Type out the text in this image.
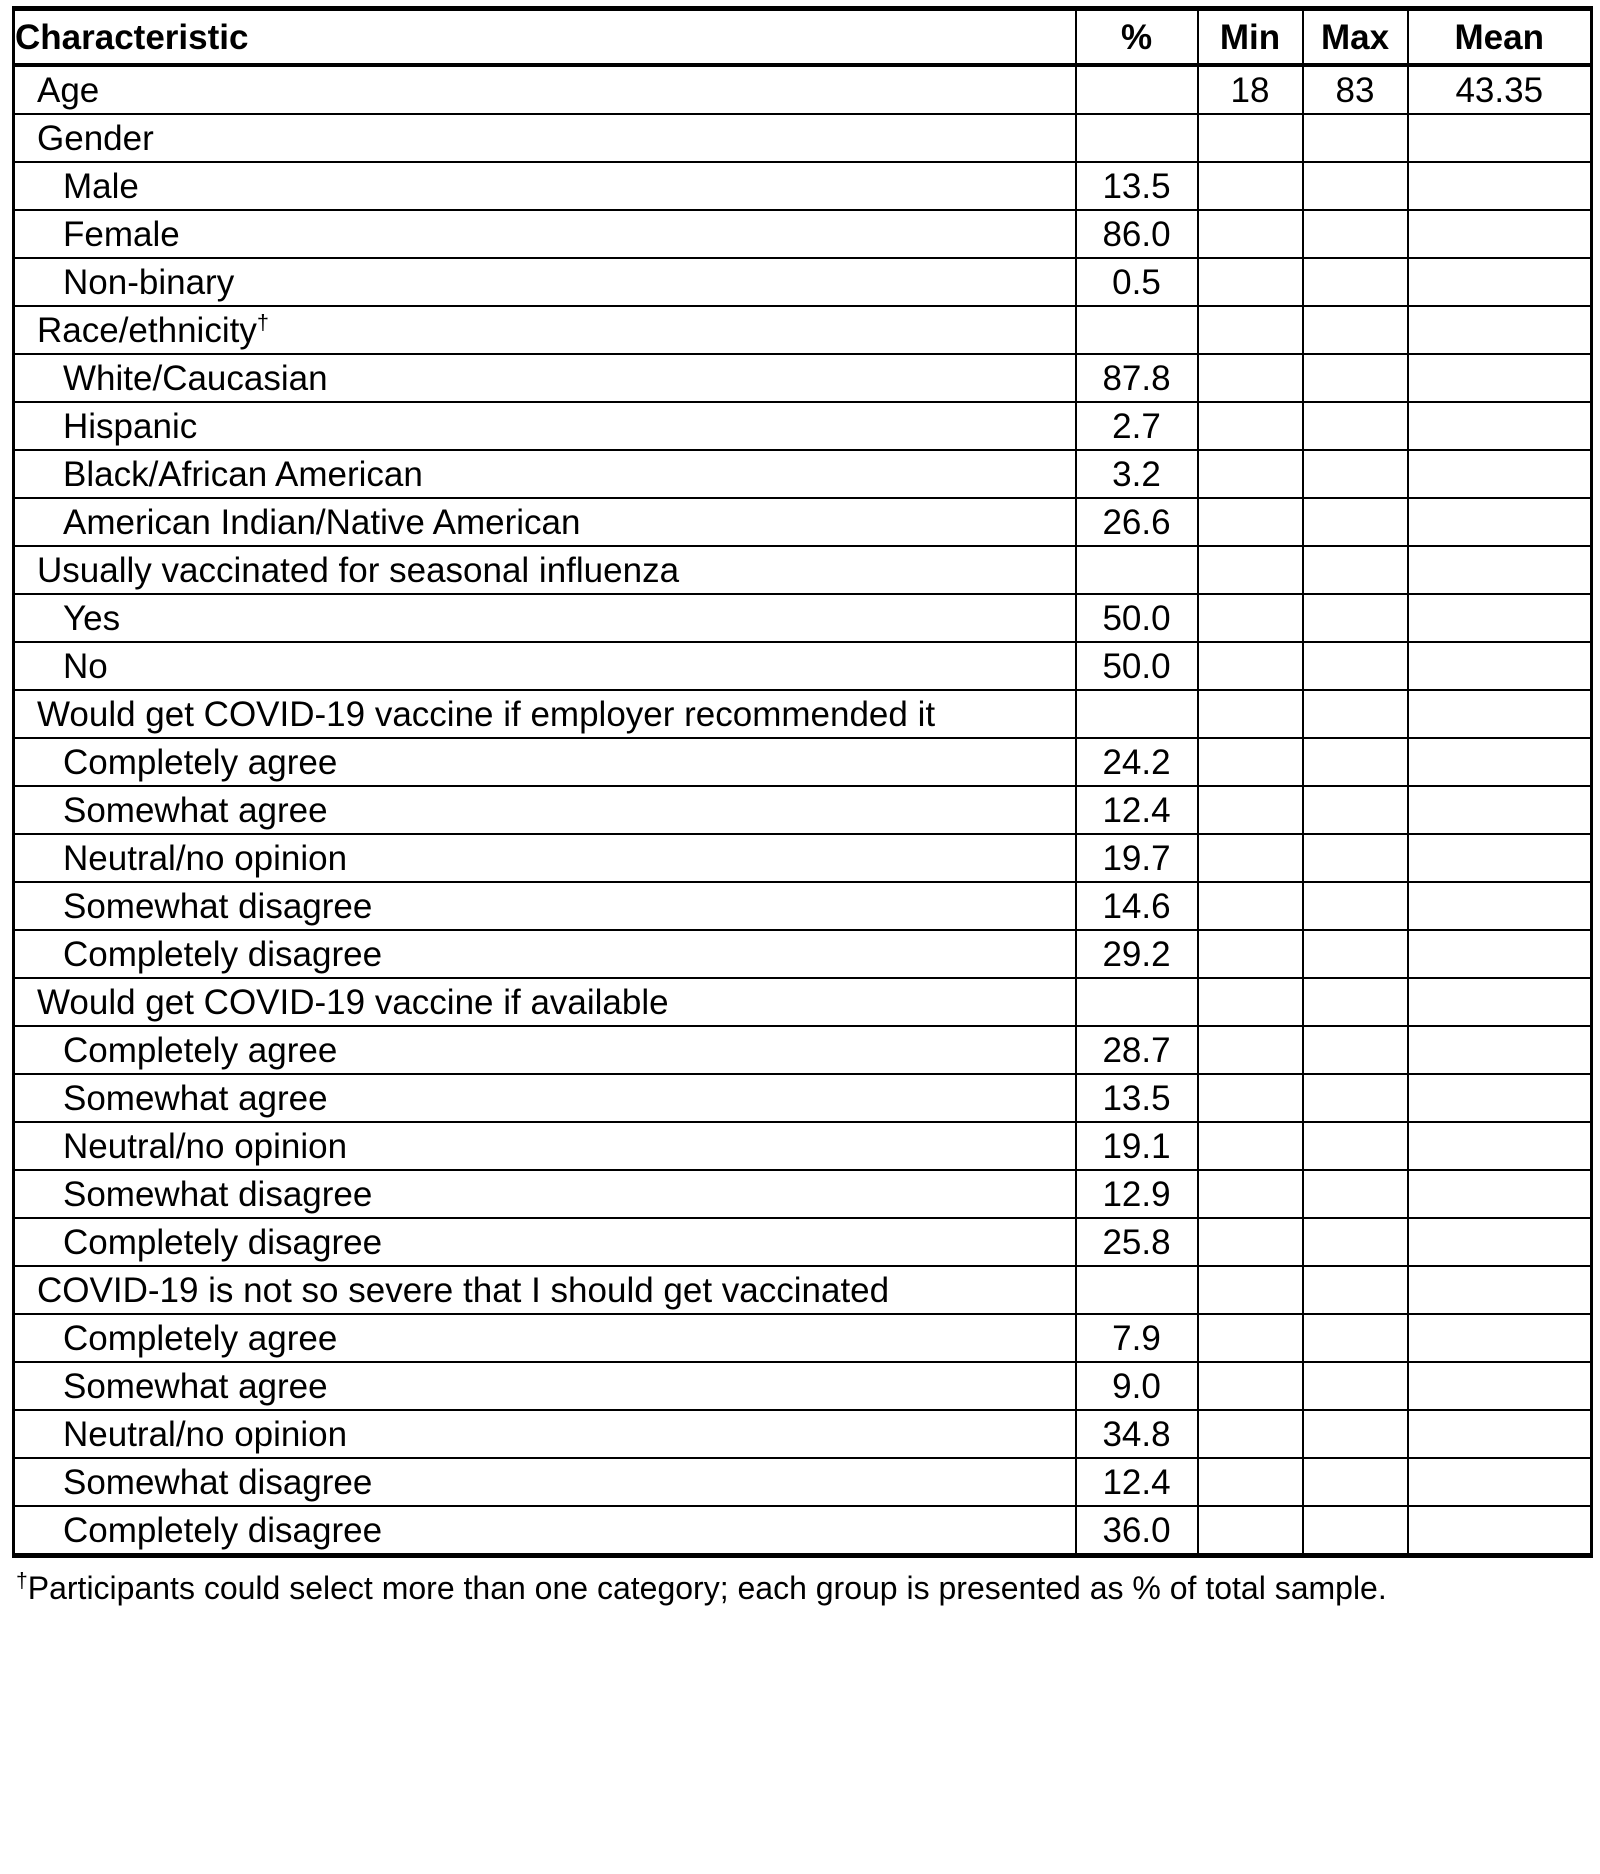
Characteristic	%	Min	Max	Mean

Age		18	83	43.35

Gender				

Male	13.5			

Female	86.0			

Non-binary	0.5			

Race/ethnicity†

White/Caucasian	87.8			

Hispanic	2.7			

Black/African American	3.2			

American Indian/Native American	26.6			

Usually vaccinated for seasonal influenza				

Yes	50.0			

No	50.0			

Would get COVID-19 vaccine if employer recommended it				

Completely agree	24.2			

Somewhat agree	12.4			

Neutral/no opinion	19.7			

Somewhat disagree	14.6			

Completely disagree	29.2			

Would get COVID-19 vaccine if available				

Completely agree	28.7			

Somewhat agree	13.5			

Neutral/no opinion	19.1			

Somewhat disagree	12.9			

Completely disagree	25.8			

COVID-19 is not so severe that I should get vaccinated				

Completely agree	7.9			

Somewhat agree	9.0			

Neutral/no opinion	34.8			

Somewhat disagree	12.4			

Completely disagree	36.0			
†Participants could select more than one category; each group is presented as % of total sample.
